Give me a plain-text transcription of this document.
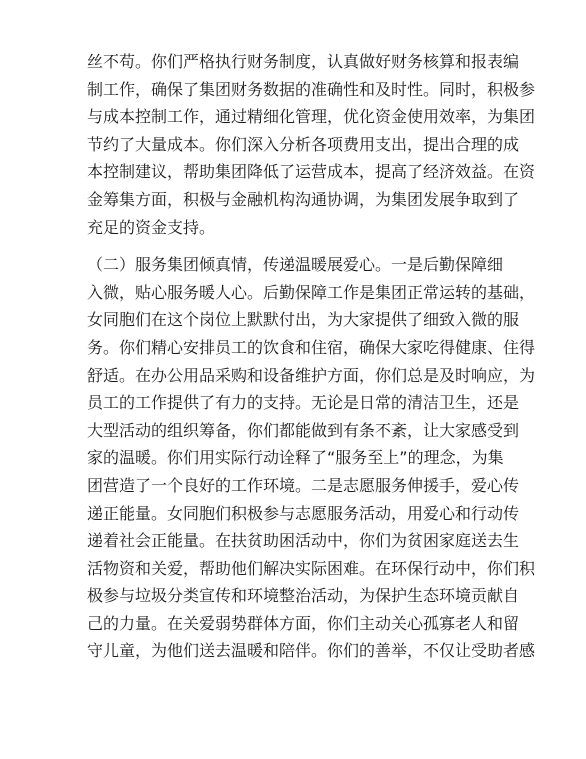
丝不苟。你们严格执行财务制度，认真做好财务核算和报表编
制工作，确保了集团财务数据的准确性和及时性。同时，积极参
与成本控制工作，通过精细化管理，优化资金使用效率，为集团
节约了大量成本。你们深入分析各项费用支出，提出合理的成
本控制建议，帮助集团降低了运营成本，提高了经济效益。在资
金筹集方面，积极与金融机构沟通协调，为集团发展争取到了
充足的资金支持。
（二）服务集团倾真情，传递温暖展爱心。一是后勤保障细
入微，贴心服务暖人心。后勤保障工作是集团正常运转的基础，
女同胞们在这个岗位上默默付出，为大家提供了细致入微的服
务。你们精心安排员工的饮食和住宿，确保大家吃得健康、住得
舒适。在办公用品采购和设备维护方面，你们总是及时响应，为
员工的工作提供了有力的支持。无论是日常的清洁卫生，还是
大型活动的组织筹备，你们都能做到有条不紊，让大家感受到
家的温暖。你们用实际行动诠释了“服务至上”的理念，为集
团营造了一个良好的工作环境。二是志愿服务伸援手，爱心传
递正能量。女同胞们积极参与志愿服务活动，用爱心和行动传
递着社会正能量。在扶贫助困活动中，你们为贫困家庭送去生
活物资和关爱，帮助他们解决实际困难。在环保行动中，你们积
极参与垃圾分类宣传和环境整治活动，为保护生态环境贡献自
己的力量。在关爱弱势群体方面，你们主动关心孤寡老人和留
守儿童，为他们送去温暖和陪伴。你们的善举，不仅让受助者感
